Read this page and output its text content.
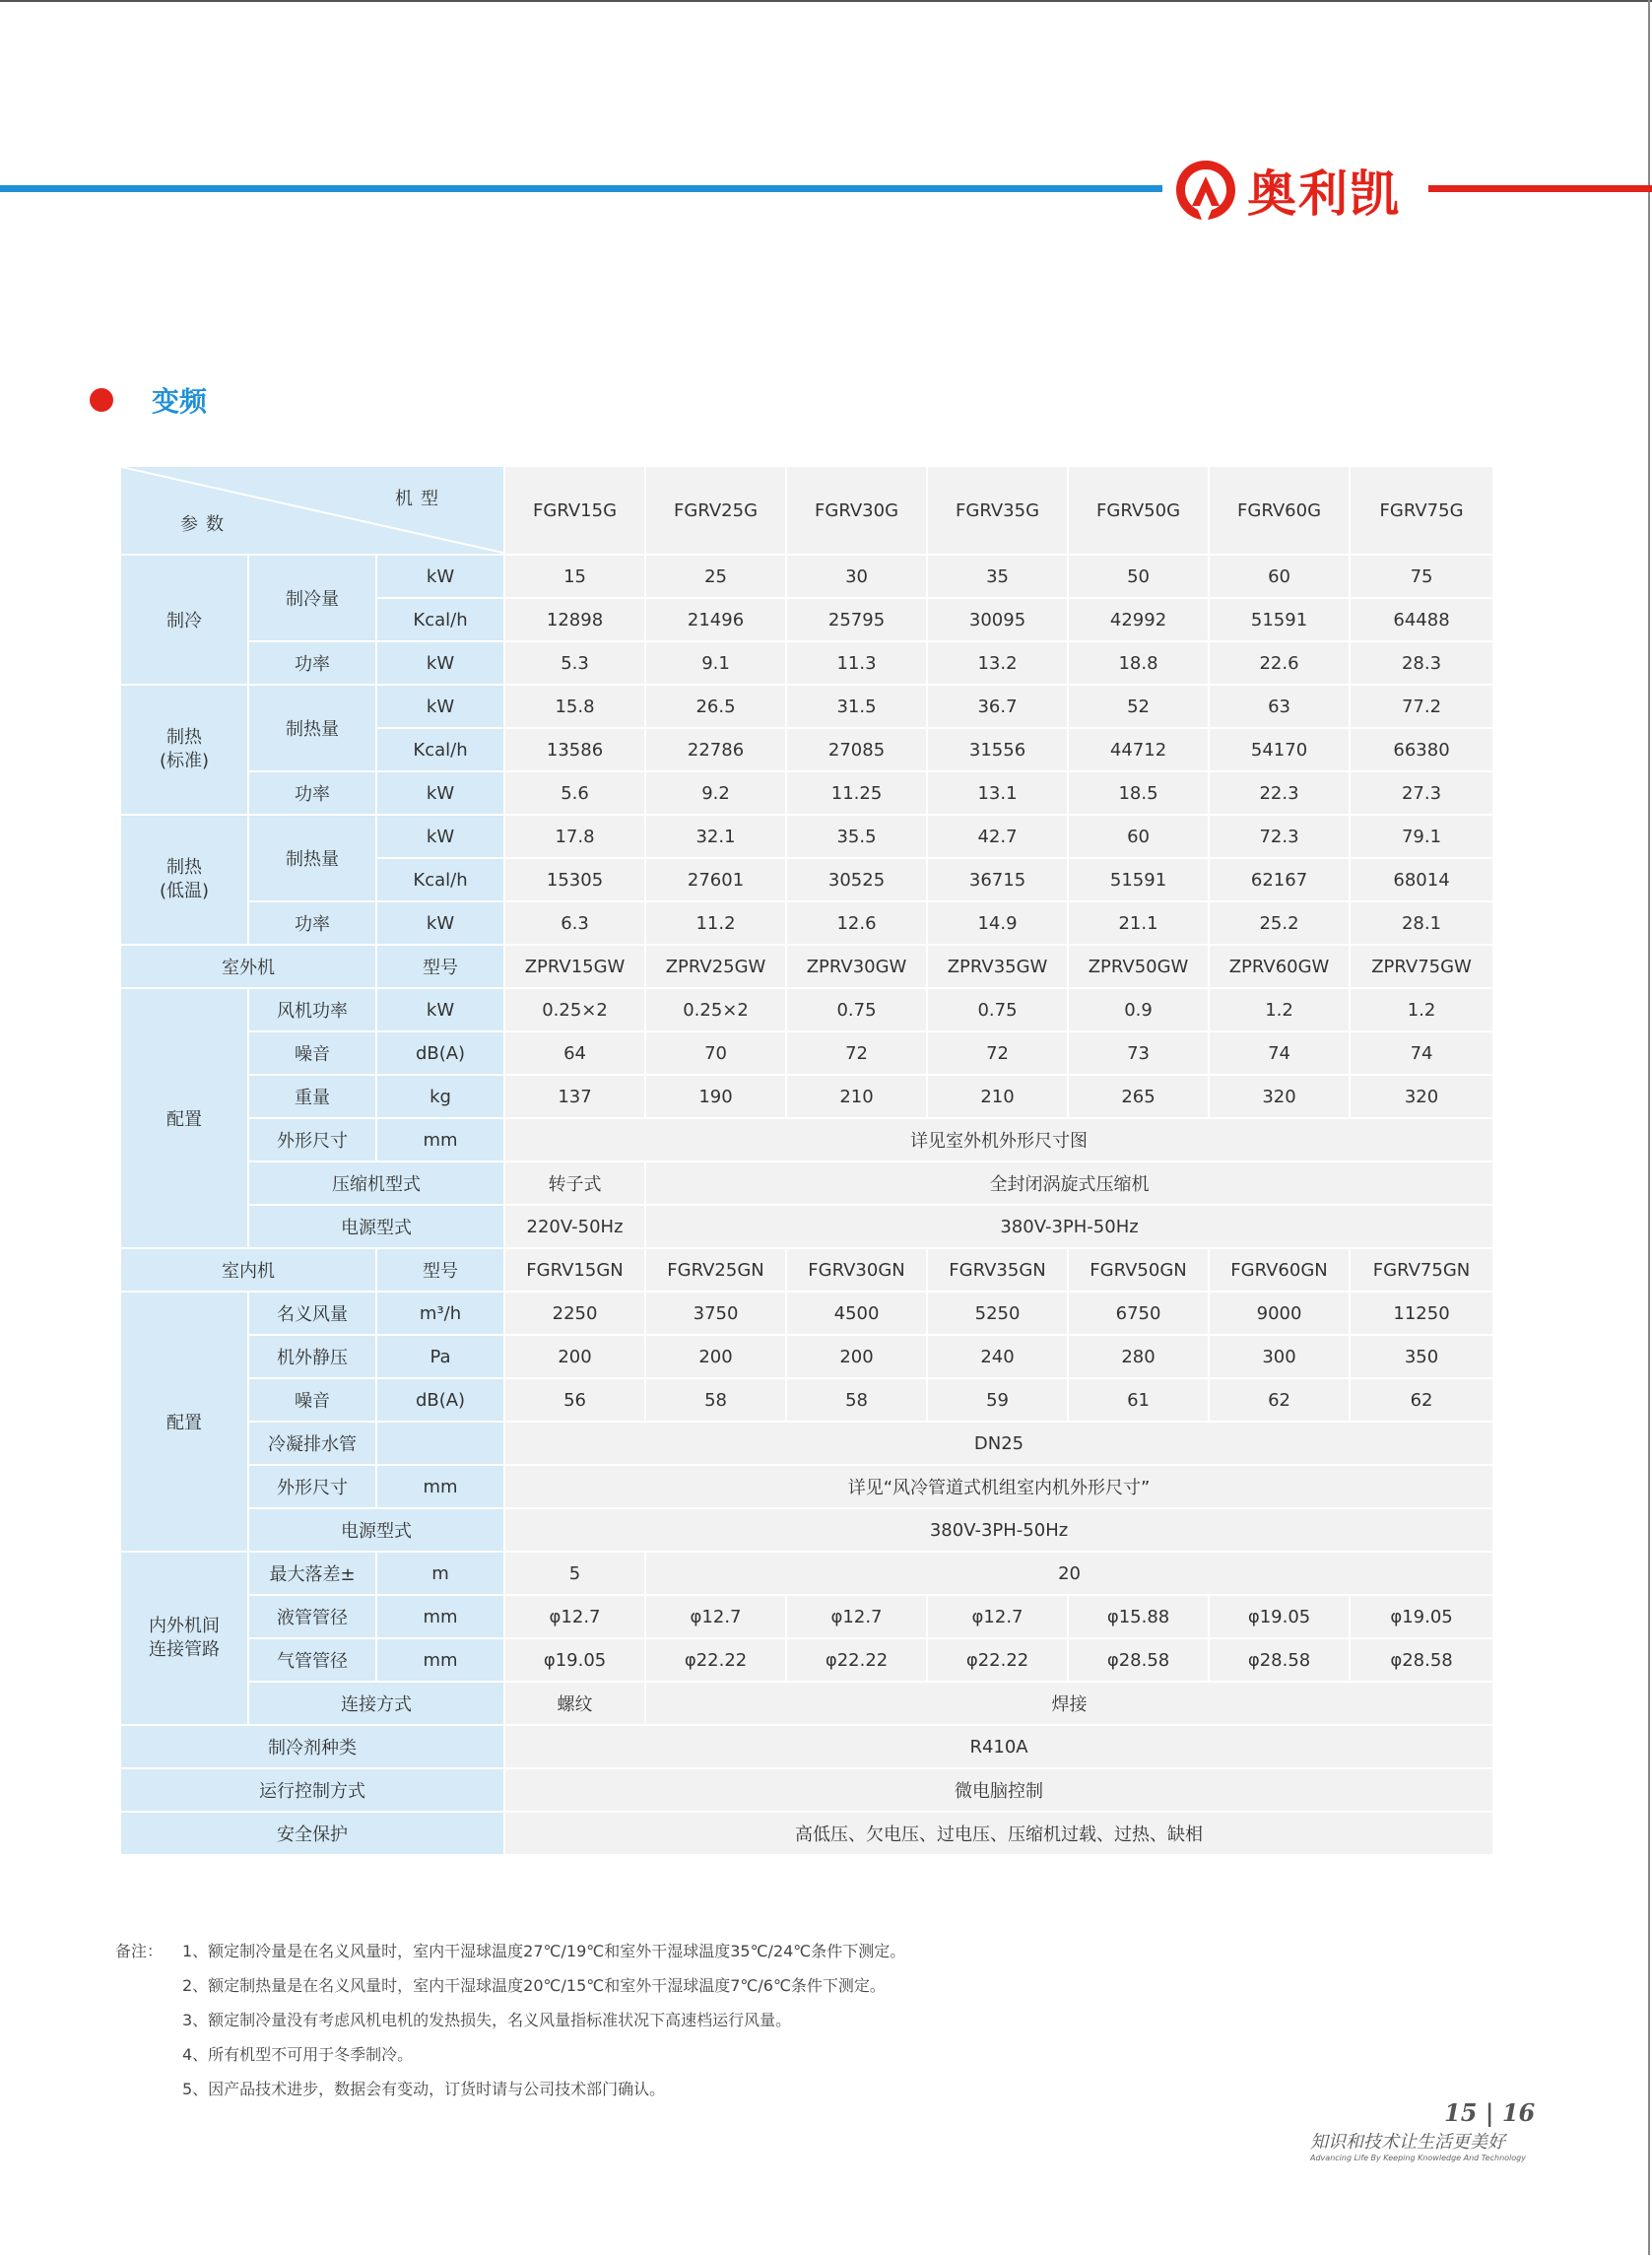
奥利凯
变频
机型
参数			FGRV15G	FGRV25G	FGRV30G	FGRV35G	FGRV50G	FGRV60G	FGRV75G
制冷	制冷量	kW	15	25	30	35	50	60	75
		Kcal/h	12898	21496	25795	30095	42992	51591	64488
	功率	kW	5.3	9.1	11.3	13.2	18.8	22.6	28.3
制热
(标准)	制热量	kW	15.8	26.5	31.5	36.7	52	63	77.2
		Kcal/h	13586	22786	27085	31556	44712	54170	66380
	功率	kW	5.6	9.2	11.25	13.1	18.5	22.3	27.3
制热
(低温)	制热量	kW	17.8	32.1	35.5	42.7	60	72.3	79.1
		Kcal/h	15305	27601	30525	36715	51591	62167	68014
	功率	kW	6.3	11.2	12.6	14.9	21.1	25.2	28.1
室外机		型号	ZPRV15GW	ZPRV25GW	ZPRV30GW	ZPRV35GW	ZPRV50GW	ZPRV60GW	ZPRV75GW
配置	风机功率	kW	0.25×2	0.25×2	0.75	0.75	0.9	1.2	1.2
	噪音	dB(A)	64	70	72	72	73	74	74
	重量	kg	137	190	210	210	265	320	320
	外形尺寸	mm	详见室外机外形尺寸图						
	压缩机型式		转子式	全封闭涡旋式压缩机					
	电源型式		220V-50Hz	380V-3PH-50Hz					
室内机		型号	FGRV15GN	FGRV25GN	FGRV30GN	FGRV35GN	FGRV50GN	FGRV60GN	FGRV75GN
配置	名义风量	m³/h	2250	3750	4500	5250	6750	9000	11250
	机外静压	Pa	200	200	200	240	280	300	350
	噪音	dB(A)	56	58	58	59	61	62	62
	冷凝排水管		DN25						
	外形尺寸	mm	详见“风冷管道式机组室内机外形尺寸”						
	电源型式		380V-3PH-50Hz						
内外机间
连接管路	最大落差±	m	5	20					
	液管管径	mm	φ12.7	φ12.7	φ12.7	φ12.7	φ15.88	φ19.05	φ19.05
	气管管径	mm	φ19.05	φ22.22	φ22.22	φ22.22	φ28.58	φ28.58	φ28.58
	连接方式		螺纹	焊接					
制冷剂种类			R410A						
运行控制方式			微电脑控制						
安全保护			高低压、欠电压、过电压、压缩机过载、过热、缺相						
备注： 1、额定制冷量是在名义风量时，室内干湿球温度27℃/19℃和室外干湿球温度35℃/24℃条件下测定。
2、额定制热量是在名义风量时，室内干湿球温度20℃/15℃和室外干湿球温度7℃/6℃条件下测定。
3、额定制冷量没有考虑风机电机的发热损失，名义风量指标准状况下高速档运行风量。
4、所有机型不可用于冬季制冷。
5、因产品技术进步，数据会有变动，订货时请与公司技术部门确认。
15 | 16
知识和技术让生活更美好
Advancing Life By Keeping Knowledge And Technology
